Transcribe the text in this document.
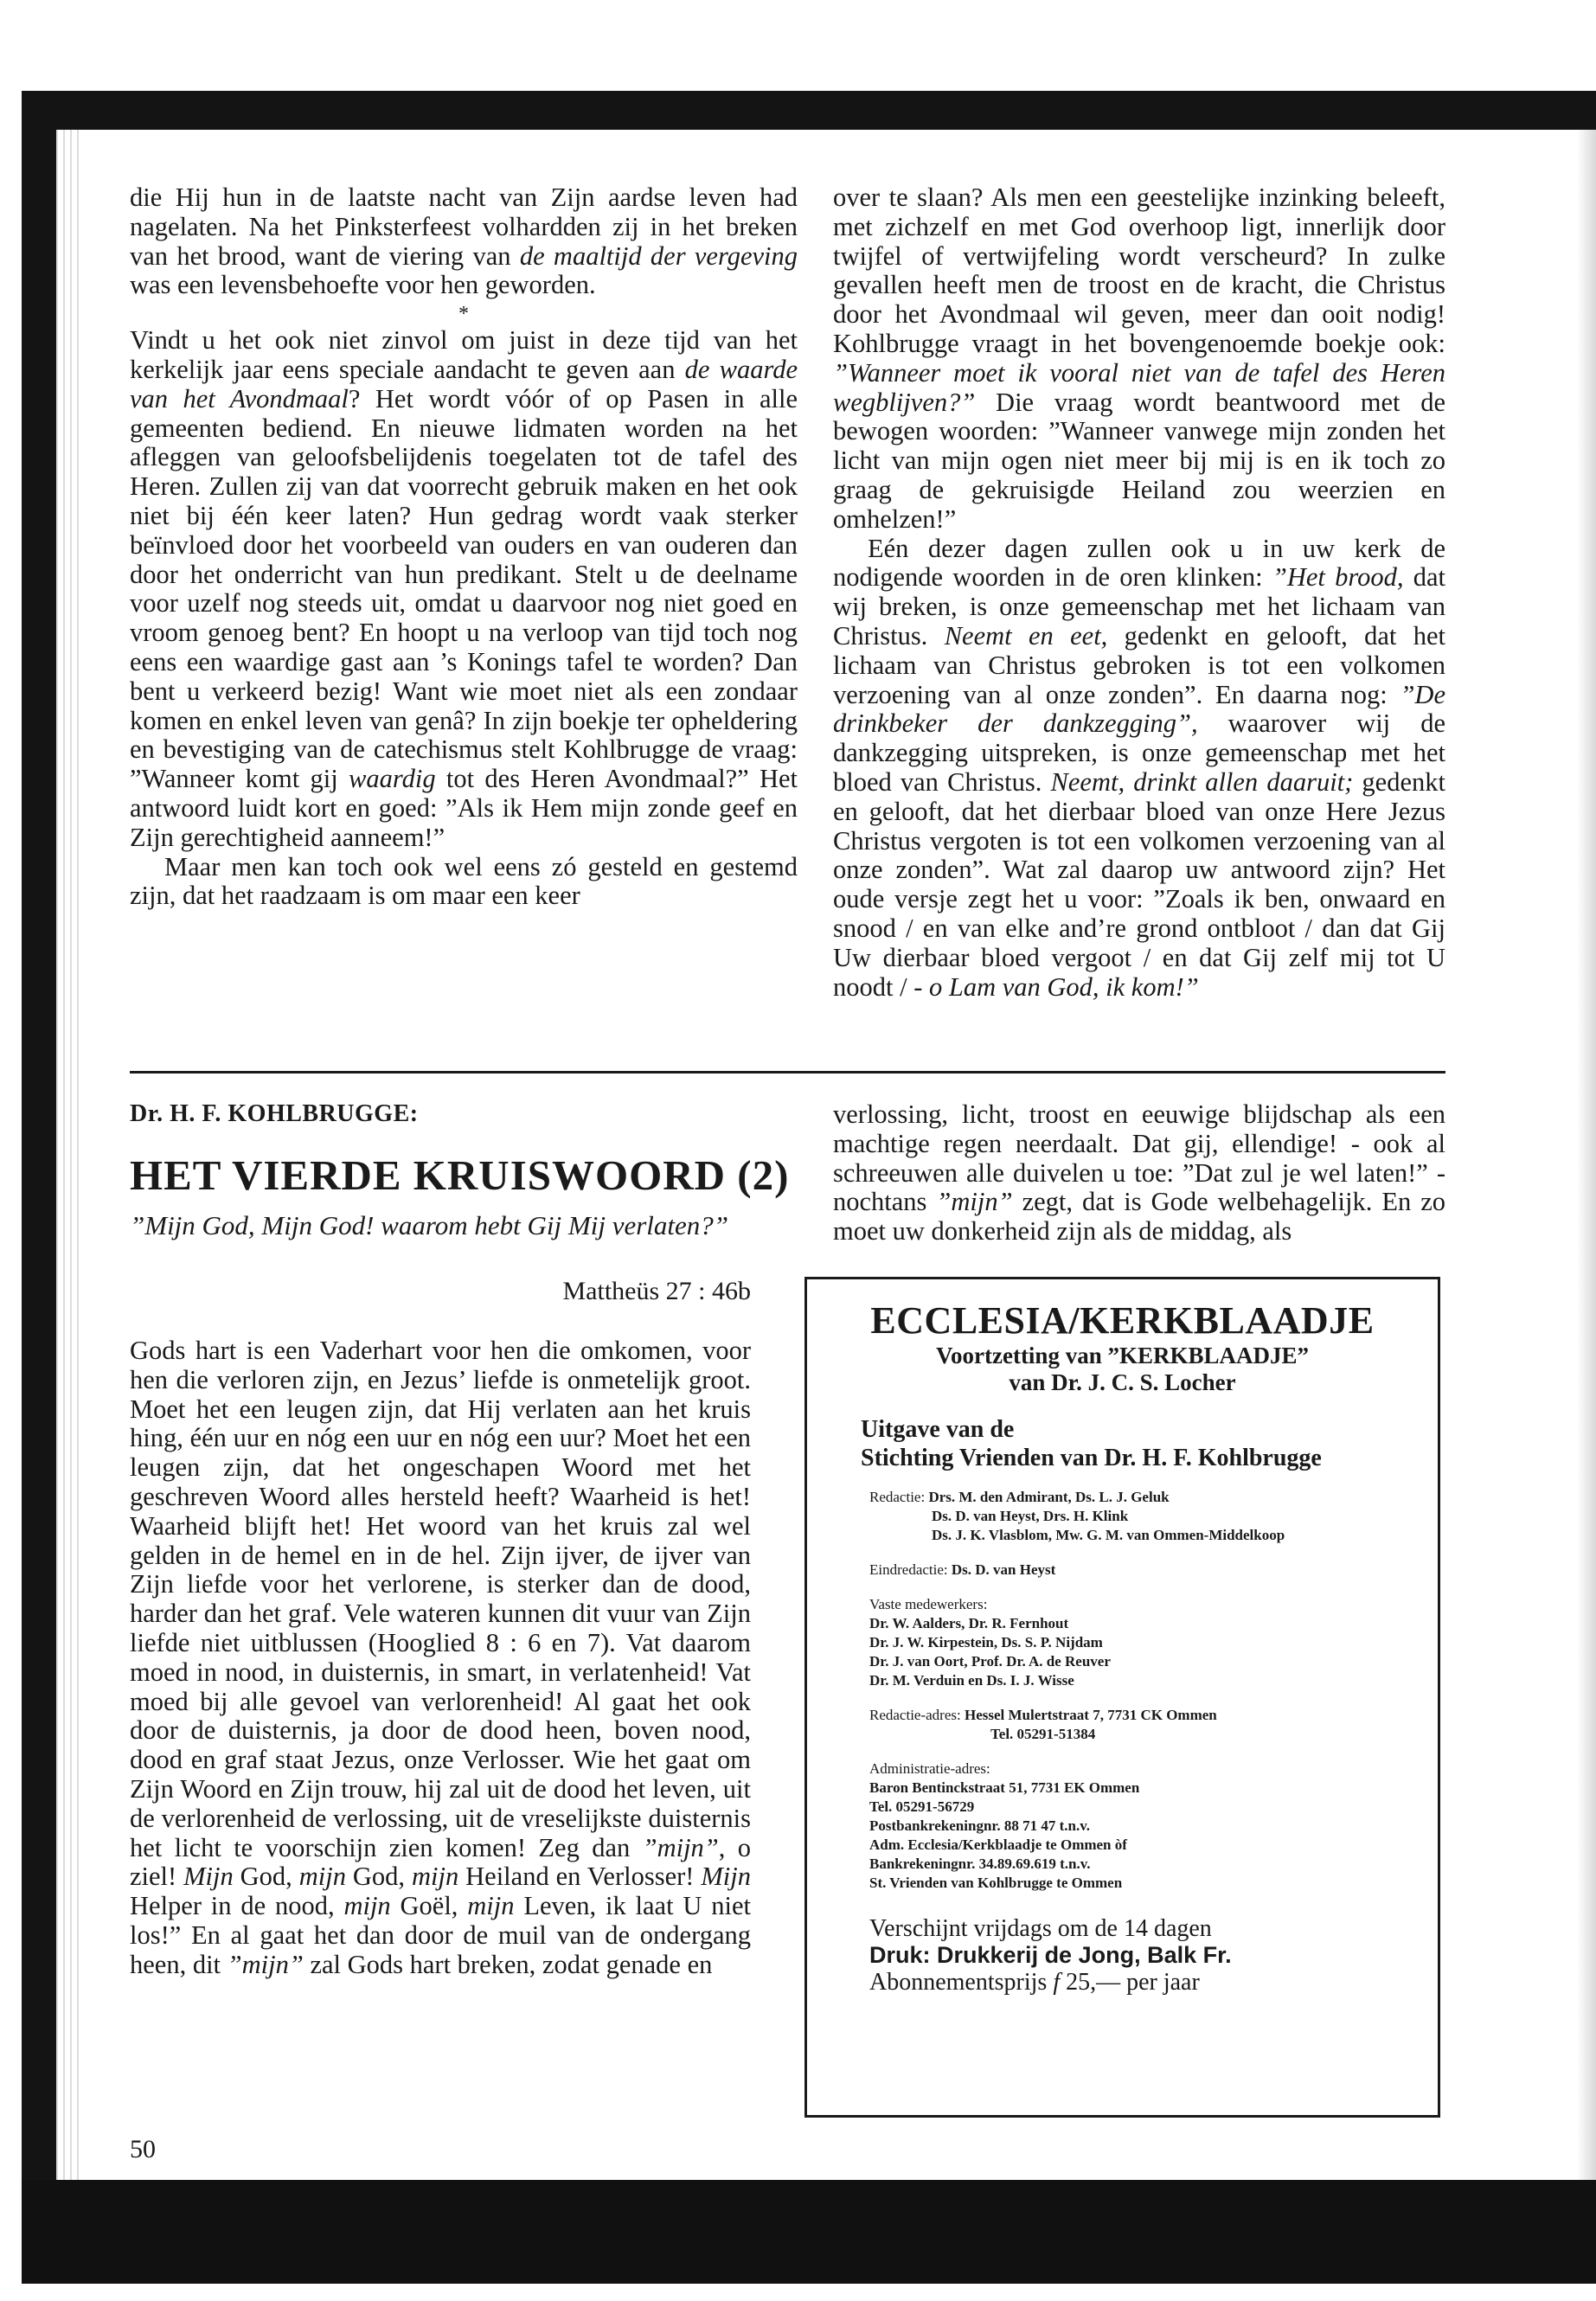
die Hij hun in de laatste nacht van Zijn aardse leven had nagelaten. Na het Pinksterfeest volhardden zij in het breken van het brood, want de viering van de maaltijd der vergeving was een levensbehoefte voor hen geworden.

*

Vindt u het ook niet zinvol om juist in deze tijd van het kerkelijk jaar eens speciale aandacht te geven aan de waarde van het Avondmaal? Het wordt vóór of op Pasen in alle gemeenten bediend. En nieuwe lidmaten worden na het afleggen van geloofsbelijdenis toegelaten tot de tafel des Heren. Zullen zij van dat voorrecht gebruik maken en het ook niet bij één keer laten? Hun gedrag wordt vaak sterker beïnvloed door het voorbeeld van ouders en van ouderen dan door het onderricht van hun predikant. Stelt u de deelname voor uzelf nog steeds uit, omdat u daarvoor nog niet goed en vroom genoeg bent? En hoopt u na verloop van tijd toch nog eens een waardige gast aan ’s Konings tafel te worden? Dan bent u verkeerd bezig! Want wie moet niet als een zondaar komen en enkel leven van genâ? In zijn boekje ter opheldering en bevestiging van de catechismus stelt Kohlbrugge de vraag: ”Wanneer komt gij waardig tot des Heren Avondmaal?” Het antwoord luidt kort en goed: ”Als ik Hem mijn zonde geef en Zijn gerechtigheid aanneem!”

Maar men kan toch ook wel eens zó gesteld en gestemd zijn, dat het raadzaam is om maar een keer

over te slaan? Als men een geestelijke inzinking beleeft, met zichzelf en met God overhoop ligt, innerlijk door twijfel of vertwijfeling wordt verscheurd? In zulke gevallen heeft men de troost en de kracht, die Christus door het Avondmaal wil geven, meer dan ooit nodig! Kohlbrugge vraagt in het bovengenoemde boekje ook: ”Wanneer moet ik vooral niet van de tafel des Heren wegblijven?” Die vraag wordt beantwoord met de bewogen woorden: ”Wanneer vanwege mijn zonden het licht van mijn ogen niet meer bij mij is en ik toch zo graag de gekruisigde Heiland zou weerzien en omhelzen!”

Eén dezer dagen zullen ook u in uw kerk de nodigende woorden in de oren klinken: ”Het brood, dat wij breken, is onze gemeenschap met het lichaam van Christus. Neemt en eet, gedenkt en gelooft, dat het lichaam van Christus gebroken is tot een volkomen verzoening van al onze zonden”. En daarna nog: ”De drinkbeker der dankzegging”, waarover wij de dankzegging uitspreken, is onze gemeenschap met het bloed van Christus. Neemt, drinkt allen daaruit; gedenkt en gelooft, dat het dierbaar bloed van onze Here Jezus Christus vergoten is tot een volkomen verzoening van al onze zonden”. Wat zal daarop uw antwoord zijn? Het oude versje zegt het u voor: ”Zoals ik ben, onwaard en snood / en van elke and’re grond ontbloot / dan dat Gij Uw dierbaar bloed vergoot / en dat Gij zelf mij tot U noodt / - o Lam van God, ik kom!”

Dr. H. F. KOHLBRUGGE:
HET VIERDE KRUISWOORD (2)
”Mijn God, Mijn God! waarom hebt Gij Mij verlaten?”
Mattheüs 27 : 46b

Gods hart is een Vaderhart voor hen die omkomen, voor hen die verloren zijn, en Jezus’ liefde is onmetelijk groot. Moet het een leugen zijn, dat Hij verlaten aan het kruis hing, één uur en nóg een uur en nóg een uur? Moet het een leugen zijn, dat het ongeschapen Woord met het geschreven Woord alles hersteld heeft? Waarheid is het! Waarheid blijft het! Het woord van het kruis zal wel gelden in de hemel en in de hel. Zijn ijver, de ijver van Zijn liefde voor het verlorene, is sterker dan de dood, harder dan het graf. Vele wateren kunnen dit vuur van Zijn liefde niet uitblussen (Hooglied 8 : 6 en 7). Vat daarom moed in nood, in duisternis, in smart, in verlatenheid! Vat moed bij alle gevoel van verlorenheid! Al gaat het ook door de duisternis, ja door de dood heen, boven nood, dood en graf staat Jezus, onze Verlosser. Wie het gaat om Zijn Woord en Zijn trouw, hij zal uit de dood het leven, uit de verlorenheid de verlossing, uit de vreselijkste duisternis het licht te voorschijn zien komen! Zeg dan ”mijn”, o ziel! Mijn God, mijn God, mijn Heiland en Verlosser! Mijn Helper in de nood, mijn Goël, mijn Leven, ik laat U niet los!” En al gaat het dan door de muil van de ondergang heen, dit ”mijn” zal Gods hart breken, zodat genade en

50

verlossing, licht, troost en eeuwige blijdschap als een machtige regen neerdaalt. Dat gij, ellendige! - ook al schreeuwen alle duivelen u toe: ”Dat zul je wel laten!” - nochtans ”mijn” zegt, dat is Gode welbehagelijk. En zo moet uw donkerheid zijn als de middag, als

ECCLESIA/KERKBLAADJE
Voortzetting van ”KERKBLAADJE”
van Dr. J. C. S. Locher
Uitgave van de
Stichting Vrienden van Dr. H. F. Kohlbrugge
Redactie: Drs. M. den Admirant, Ds. L. J. Geluk
Ds. D. van Heyst, Drs. H. Klink
Ds. J. K. Vlasblom, Mw. G. M. van Ommen-Middelkoop
Eindredactie: Ds. D. van Heyst
Vaste medewerkers:
Dr. W. Aalders, Dr. R. Fernhout
Dr. J. W. Kirpestein, Ds. S. P. Nijdam
Dr. J. van Oort, Prof. Dr. A. de Reuver
Dr. M. Verduin en Ds. I. J. Wisse
Redactie-adres: Hessel Mulertstraat 7, 7731 CK Ommen
Tel. 05291-51384
Administratie-adres:
Baron Bentinckstraat 51, 7731 EK Ommen
Tel. 05291-56729
Postbankrekeningnr. 88 71 47 t.n.v.
Adm. Ecclesia/Kerkblaadje te Ommen òf
Bankrekeningnr. 34.89.69.619 t.n.v.
St. Vrienden van Kohlbrugge te Ommen
Verschijnt vrijdags om de 14 dagen
Druk: Drukkerij de Jong, Balk Fr.
Abonnementsprijs f 25,— per jaar
